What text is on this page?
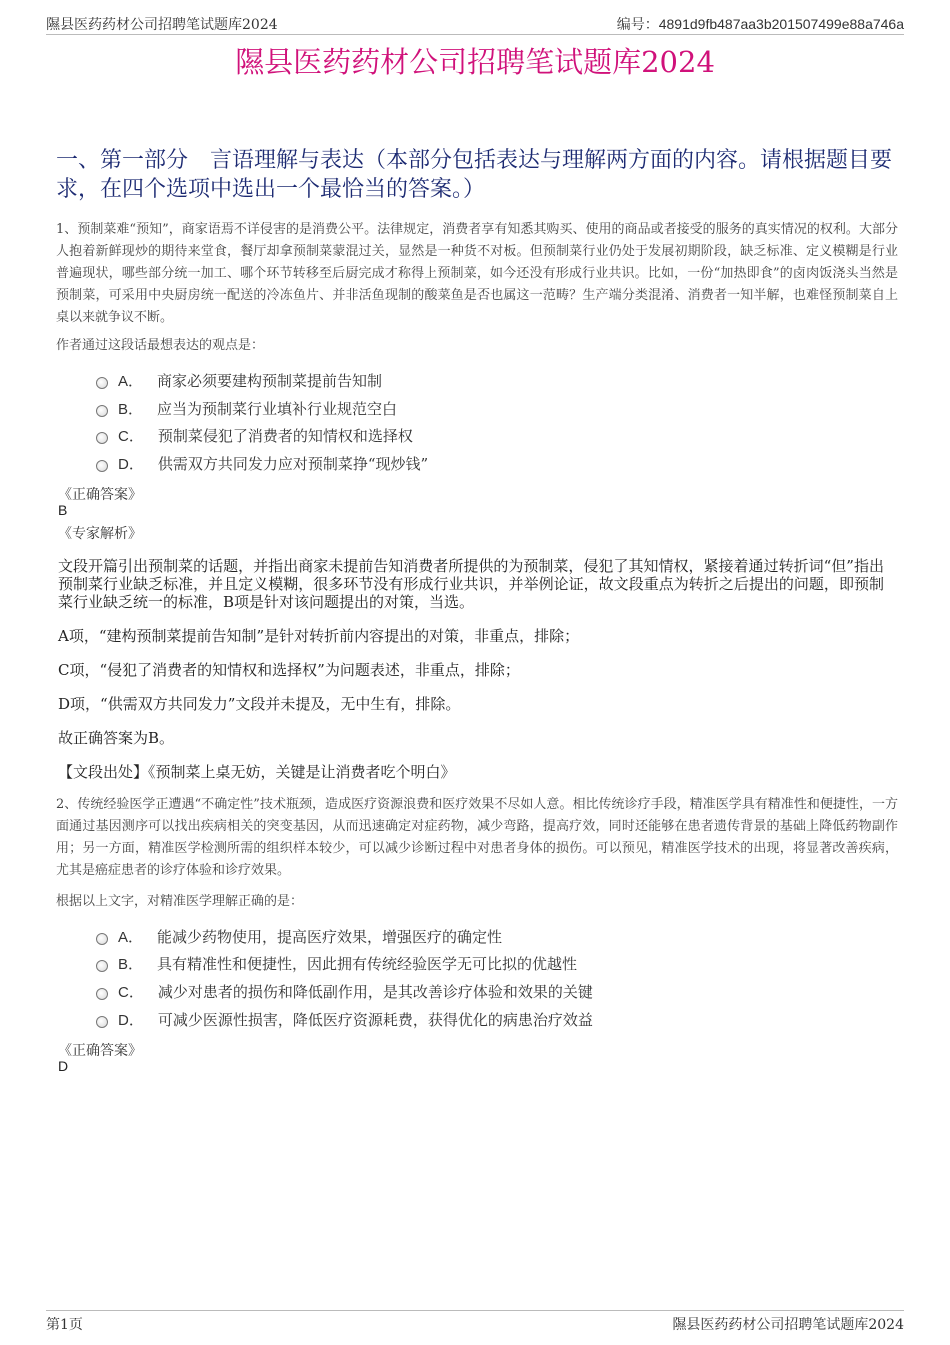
隰县医药药材公司招聘笔试题库2024	编号：4891d9fb487aa3b201507499e88a746a
隰县医药药材公司招聘笔试题库2024
一、第一部分　言语理解与表达（本部分包括表达与理解两方面的内容。请根据题目要求，在四个选项中选出一个最恰当的答案。）
1、预制菜难“预知”，商家语焉不详侵害的是消费公平。法律规定，消费者享有知悉其购买、使用的商品或者接受的服务的真实情况的权利。大部分人抱着新鲜现炒的期待来堂食，餐厅却拿预制菜蒙混过关，显然是一种货不对板。但预制菜行业仍处于发展初期阶段，缺乏标准、定义模糊是行业普遍现状，哪些部分统一加工、哪个环节转移至后厨完成才称得上预制菜，如今还没有形成行业共识。比如，一份“加热即食”的卤肉饭浇头当然是预制菜，可采用中央厨房统一配送的冷冻鱼片、并非活鱼现制的酸菜鱼是否也属这一范畴？生产端分类混淆、消费者一知半解，也难怪预制菜自上桌以来就争议不断。
作者通过这段话最想表达的观点是：
A． 商家必须要建构预制菜提前告知制
B． 应当为预制菜行业填补行业规范空白
C． 预制菜侵犯了消费者的知情权和选择权
D． 供需双方共同发力应对预制菜挣“现炒钱”
《正确答案》
B
《专家解析》
文段开篇引出预制菜的话题，并指出商家未提前告知消费者所提供的为预制菜，侵犯了其知情权，紧接着通过转折词“但”指出预制菜行业缺乏标准，并且定义模糊，很多环节没有形成行业共识，并举例论证，故文段重点为转折之后提出的问题，即预制菜行业缺乏统一的标准，B项是针对该问题提出的对策，当选。
A项，“建构预制菜提前告知制”是针对转折前内容提出的对策，非重点，排除；
C项，“侵犯了消费者的知情权和选择权”为问题表述，非重点，排除；
D项，“供需双方共同发力”文段并未提及，无中生有，排除。
故正确答案为B。
【文段出处】《预制菜上桌无妨，关键是让消费者吃个明白》
2、传统经验医学正遭遇“不确定性”技术瓶颈，造成医疗资源浪费和医疗效果不尽如人意。相比传统诊疗手段，精准医学具有精准性和便捷性，一方面通过基因测序可以找出疾病相关的突变基因，从而迅速确定对症药物，减少弯路，提高疗效，同时还能够在患者遗传背景的基础上降低药物副作用；另一方面，精准医学检测所需的组织样本较少，可以减少诊断过程中对患者身体的损伤。可以预见，精准医学技术的出现，将显著改善疾病，尤其是癌症患者的诊疗体验和诊疗效果。
根据以上文字，对精准医学理解正确的是：
A． 能减少药物使用，提高医疗效果，增强医疗的确定性
B． 具有精准性和便捷性，因此拥有传统经验医学无可比拟的优越性
C． 减少对患者的损伤和降低副作用，是其改善诊疗体验和效果的关键
D． 可减少医源性损害，降低医疗资源耗费，获得优化的病患治疗效益
《正确答案》
D
第1页	隰县医药药材公司招聘笔试题库2024
